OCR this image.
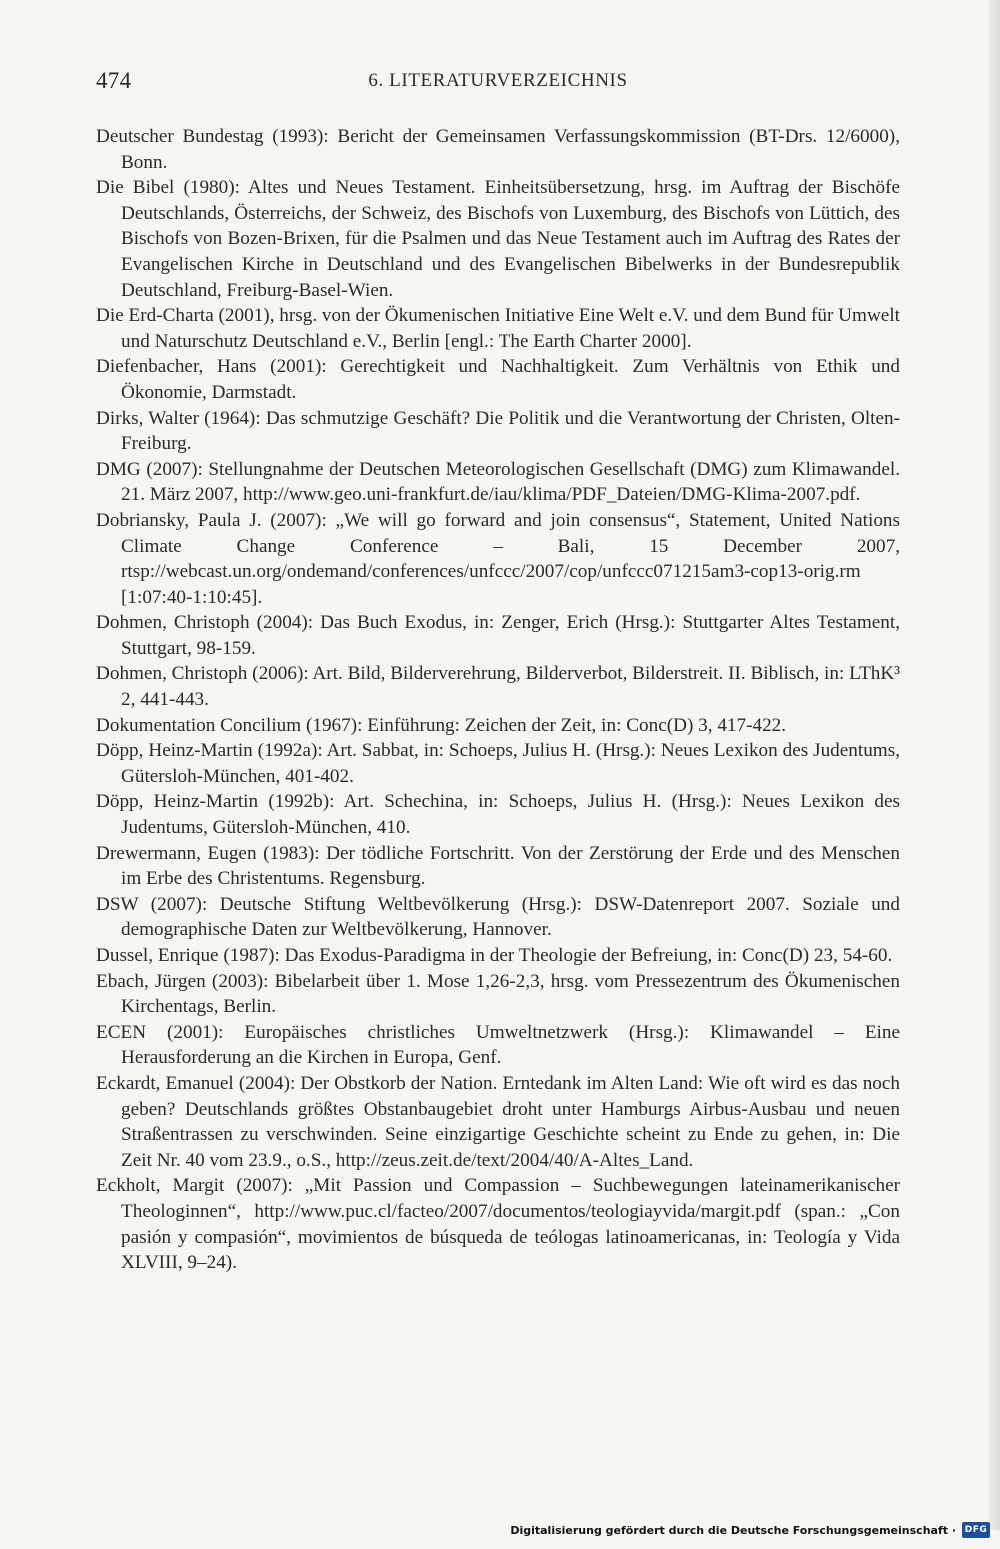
474	6. LITERATURVERZEICHNIS

Deutscher Bundestag (1993): Bericht der Gemeinsamen Verfassungskommission (BT-Drs. 12/6000), Bonn.

Die Bibel (1980): Altes und Neues Testament. Einheitsübersetzung, hrsg. im Auftrag der Bischöfe Deutschlands, Österreichs, der Schweiz, des Bischofs von Luxemburg, des Bischofs von Lüttich, des Bischofs von Bozen-Brixen, für die Psalmen und das Neue Testament auch im Auftrag des Rates der Evangelischen Kirche in Deutschland und des Evangelischen Bibelwerks in der Bundesrepublik Deutschland, Freiburg-Basel-Wien.

Die Erd-Charta (2001), hrsg. von der Ökumenischen Initiative Eine Welt e.V. und dem Bund für Umwelt und Naturschutz Deutschland e.V., Berlin [engl.: The Earth Charter 2000].

Diefenbacher, Hans (2001): Gerechtigkeit und Nachhaltigkeit. Zum Verhältnis von Ethik und Ökonomie, Darmstadt.

Dirks, Walter (1964): Das schmutzige Geschäft? Die Politik und die Verantwortung der Christen, Olten-Freiburg.

DMG (2007): Stellungnahme der Deutschen Meteorologischen Gesellschaft (DMG) zum Klimawandel. 21. März 2007, http://www.geo.uni-frankfurt.de/iau/klima/PDF_Dateien/DMG-Klima-2007.pdf.

Dobriansky, Paula J. (2007): „We will go forward and join consensus“, Statement, United Nations Climate Change Conference – Bali, 15 December 2007, rtsp://webcast.un.org/ondemand/conferences/unfccc/2007/cop/unfccc071215am3-cop13-orig.rm [1:07:40-1:10:45].

Dohmen, Christoph (2004): Das Buch Exodus, in: Zenger, Erich (Hrsg.): Stuttgarter Altes Testament, Stuttgart, 98-159.

Dohmen, Christoph (2006): Art. Bild, Bilderverehrung, Bilderverbot, Bilderstreit. II. Biblisch, in: LThK³ 2, 441-443.

Dokumentation Concilium (1967): Einführung: Zeichen der Zeit, in: Conc(D) 3, 417-422.

Döpp, Heinz-Martin (1992a): Art. Sabbat, in: Schoeps, Julius H. (Hrsg.): Neues Lexikon des Judentums, Gütersloh-München, 401-402.

Döpp, Heinz-Martin (1992b): Art. Schechina, in: Schoeps, Julius H. (Hrsg.): Neues Lexikon des Judentums, Gütersloh-München, 410.

Drewermann, Eugen (1983): Der tödliche Fortschritt. Von der Zerstörung der Erde und des Menschen im Erbe des Christentums. Regensburg.

DSW (2007): Deutsche Stiftung Weltbevölkerung (Hrsg.): DSW-Datenreport 2007. Soziale und demographische Daten zur Weltbevölkerung, Hannover.

Dussel, Enrique (1987): Das Exodus-Paradigma in der Theologie der Befreiung, in: Conc(D) 23, 54-60.

Ebach, Jürgen (2003): Bibelarbeit über 1. Mose 1,26-2,3, hrsg. vom Pressezentrum des Ökumenischen Kirchentags, Berlin.

ECEN (2001): Europäisches christliches Umweltnetzwerk (Hrsg.): Klimawandel – Eine Herausforderung an die Kirchen in Europa, Genf.

Eckardt, Emanuel (2004): Der Obstkorb der Nation. Erntedank im Alten Land: Wie oft wird es das noch geben? Deutschlands größtes Obstanbaugebiet droht unter Hamburgs Airbus-Ausbau und neuen Straßentrassen zu verschwinden. Seine einzigartige Geschichte scheint zu Ende zu gehen, in: Die Zeit Nr. 40 vom 23.9., o.S., http://zeus.zeit.de/text/2004/40/A-Altes_Land.

Eckholt, Margit (2007): „Mit Passion und Compassion – Suchbewegungen lateinamerikanischer Theologinnen“, http://www.puc.cl/facteo/2007/documentos/teologiayvida/margit.pdf (span.: „Con pasión y compasión“, movimientos de búsqueda de teólogas latinoamericanas, in: Teología y Vida XLVIII, 9–24).

Digitalisierung gefördert durch die Deutsche Forschungsgemeinschaft · DFG
